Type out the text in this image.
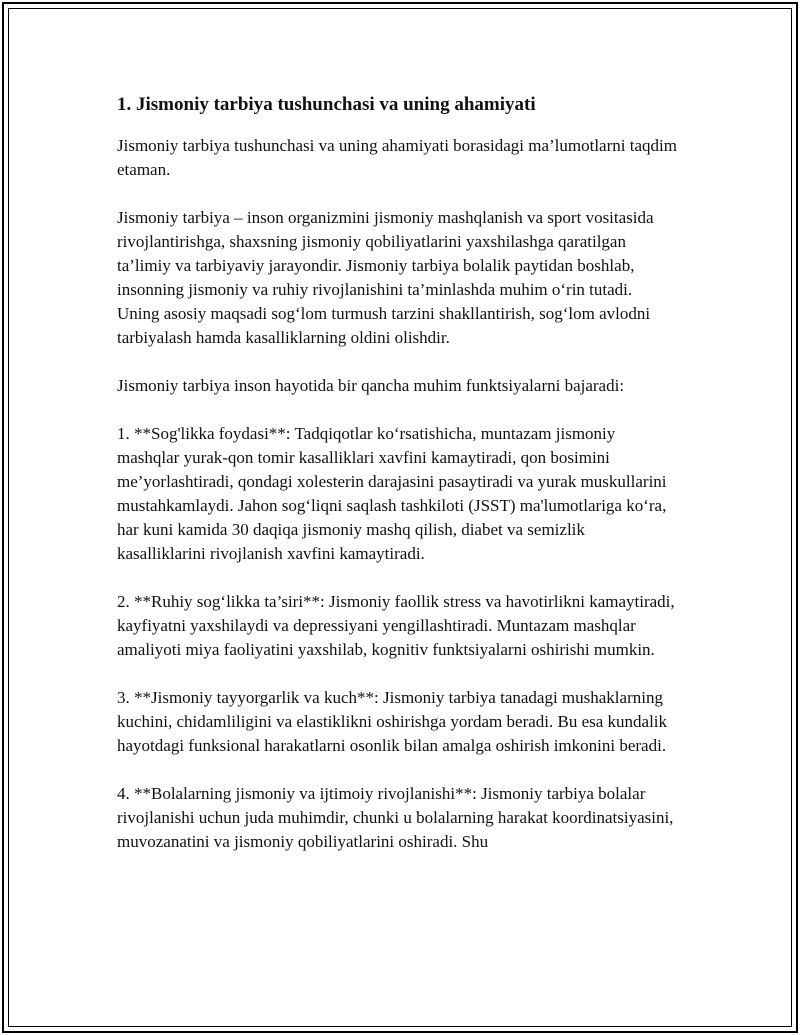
1. Jismoniy tarbiya tushunchasi va uning ahamiyati

Jismoniy tarbiya tushunchasi va uning ahamiyati borasidagi ma’lumotlarni taqdim etaman.

Jismoniy tarbiya – inson organizmini jismoniy mashqlanish va sport vositasida rivojlantirishga, shaxsning jismoniy qobiliyatlarini yaxshilashga qaratilgan ta’limiy va tarbiyaviy jarayondir. Jismoniy tarbiya bolalik paytidan boshlab, insonning jismoniy va ruhiy rivojlanishini ta’minlashda muhim o‘rin tutadi. Uning asosiy maqsadi sog‘lom turmush tarzini shakllantirish, sog‘lom avlodni tarbiyalash hamda kasalliklarning oldini olishdir.

Jismoniy tarbiya inson hayotida bir qancha muhim funktsiyalarni bajaradi:

1. **Sog'likka foydasi**: Tadqiqotlar ko‘rsatishicha, muntazam jismoniy mashqlar yurak-qon tomir kasalliklari xavfini kamaytiradi, qon bosimini me’yorlashtiradi, qondagi xolesterin darajasini pasaytiradi va yurak muskullarini mustahkamlaydi. Jahon sog‘liqni saqlash tashkiloti (JSST) ma'lumotlariga ko‘ra, har kuni kamida 30 daqiqa jismoniy mashq qilish, diabet va semizlik kasalliklarini rivojlanish xavfini kamaytiradi.

2. **Ruhiy sog‘likka ta’siri**: Jismoniy faollik stress va havotirlikni kamaytiradi, kayfiyatni yaxshilaydi va depressiyani yengillashtiradi. Muntazam mashqlar amaliyoti miya faoliyatini yaxshilab, kognitiv funktsiyalarni oshirishi mumkin.

3. **Jismoniy tayyorgarlik va kuch**: Jismoniy tarbiya tanadagi mushaklarning kuchini, chidamliligini va elastiklikni oshirishga yordam beradi. Bu esa kundalik hayotdagi funksional harakatlarni osonlik bilan amalga oshirish imkonini beradi.

4. **Bolalarning jismoniy va ijtimoiy rivojlanishi**: Jismoniy tarbiya bolalar rivojlanishi uchun juda muhimdir, chunki u bolalarning harakat koordinatsiyasini, muvozanatini va jismoniy qobiliyatlarini oshiradi. Shu
